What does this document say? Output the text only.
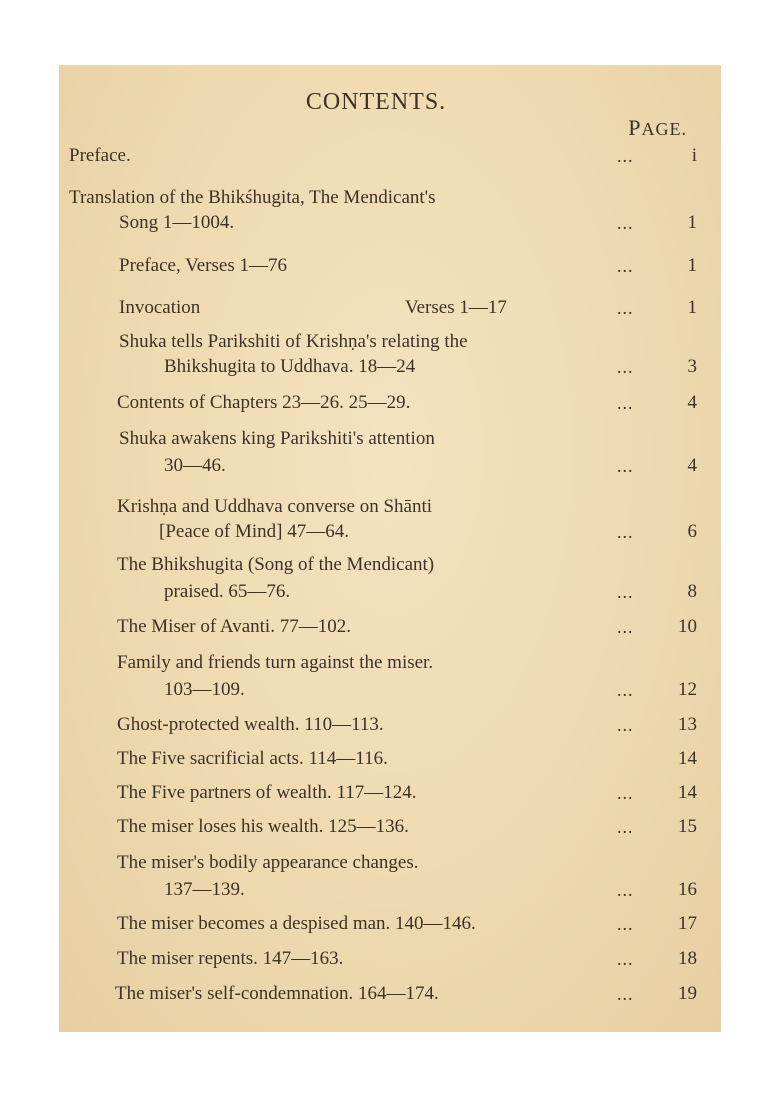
CONTENTS.
PAGE.
Preface.	...	i
Translation of the Bhikśhugita, The Mendicant's
Song 1—1004.	...	1
Preface, Verses 1—76	...	1
Invocation	Verses 1—17	...	1
Shuka tells Parikshiti of Krishṇa's relating the
Bhikshugita to Uddhava. 18—24	...	3
Contents of Chapters 23—26. 25—29.	...	4
Shuka awakens king Parikshiti's attention
30—46.	...	4
Krishṇa and Uddhava converse on Shānti
[Peace of Mind] 47—64.	...	6
The Bhikshugita (Song of the Mendicant)
praised. 65—76.	...	8
The Miser of Avanti. 77—102.	... 10
Family and friends turn against the miser.
103—109.	... 12
Ghost-protected wealth. 110—113.	... 13
The Five sacrificial acts. 114—116.	14
The Five partners of wealth. 117—124.	... 14
The miser loses his wealth. 125—136.	... 15
The miser's bodily appearance changes.
137—139.	... 16
The miser becomes a despised man. 140—146.	... 17
The miser repents. 147—163.	... 18
The miser's self-condemnation. 164—174.	... 19
